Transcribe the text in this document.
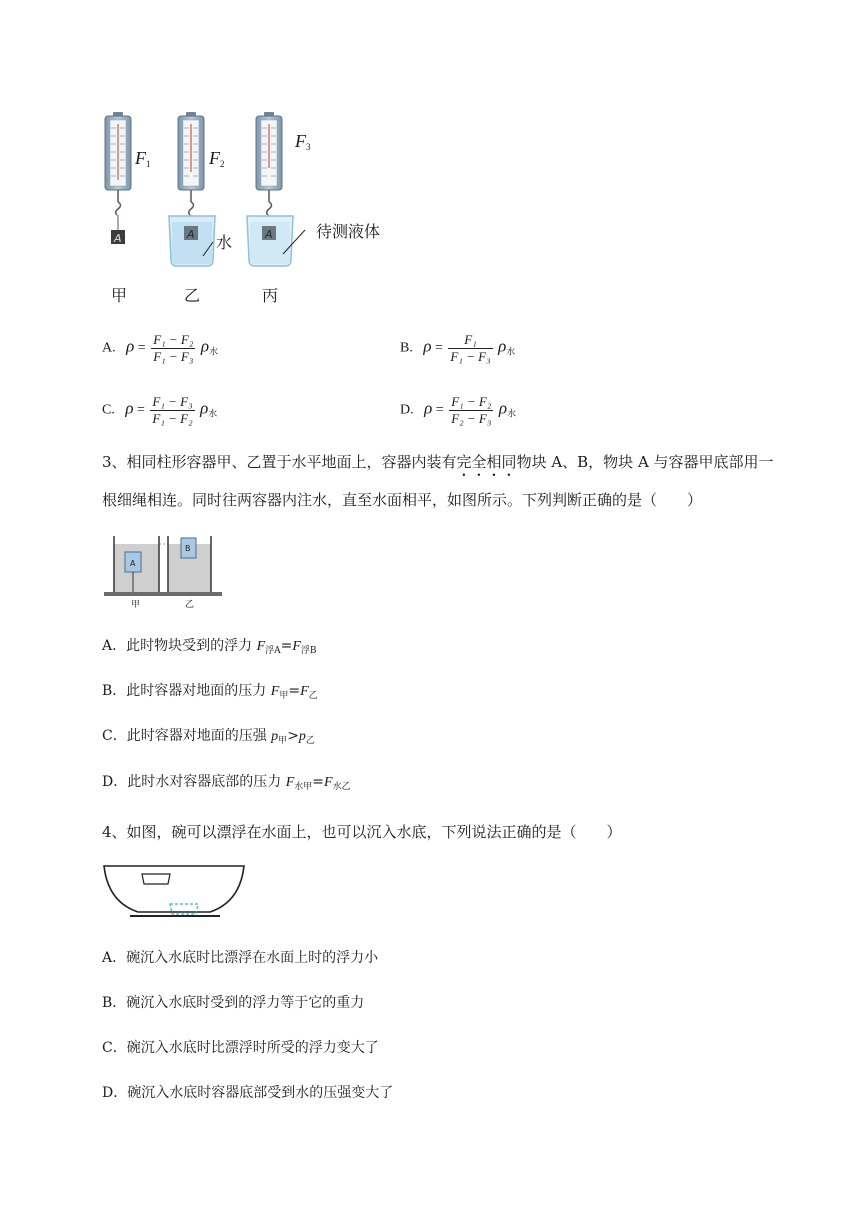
A	A	A
$F_1$	$F_2$
$F_3$
水
待测液体
甲	乙	丙
A. $\rho = \frac{\text{F₁ − F₂}}{\text{F₁ − F₃}} \rho_水$	B. $\rho = \frac{\text{F₁}}{\text{F₁ − F₃}} \rho_水$
C. $\rho = \frac{\text{F₁ − F₃}}{\text{F₁ − F₂}} \rho_水$	D. $\rho = \frac{\text{F₁ − F₂}}{\text{F₂ − F₃}} \rho_水$
3、相同柱形容器甲、乙置于水平地面上，容器内装有完全相同物块 A、B，物块 A 与容器甲底部用一
根细绳相连。同时往两容器内注水，直至水面相平，如图所示。下列判断正确的是（　　）
A
B
甲	乙
A．此时物块受到的浮力 $F_{浮A}=F_{浮B}$
B．此时容器对地面的压力 $F_甲=F_乙$
C．此时容器对地面的压强 $p_甲>p_乙$
D．此时水对容器底部的压力 $F_{水甲}=F_{水乙}$
4、如图，碗可以漂浮在水面上，也可以沉入水底，下列说法正确的是（　　）
A．碗沉入水底时比漂浮在水面上时的浮力小
B．碗沉入水底时受到的浮力等于它的重力
C．碗沉入水底时比漂浮时所受的浮力变大了
D．碗沉入水底时容器底部受到水的压强变大了
